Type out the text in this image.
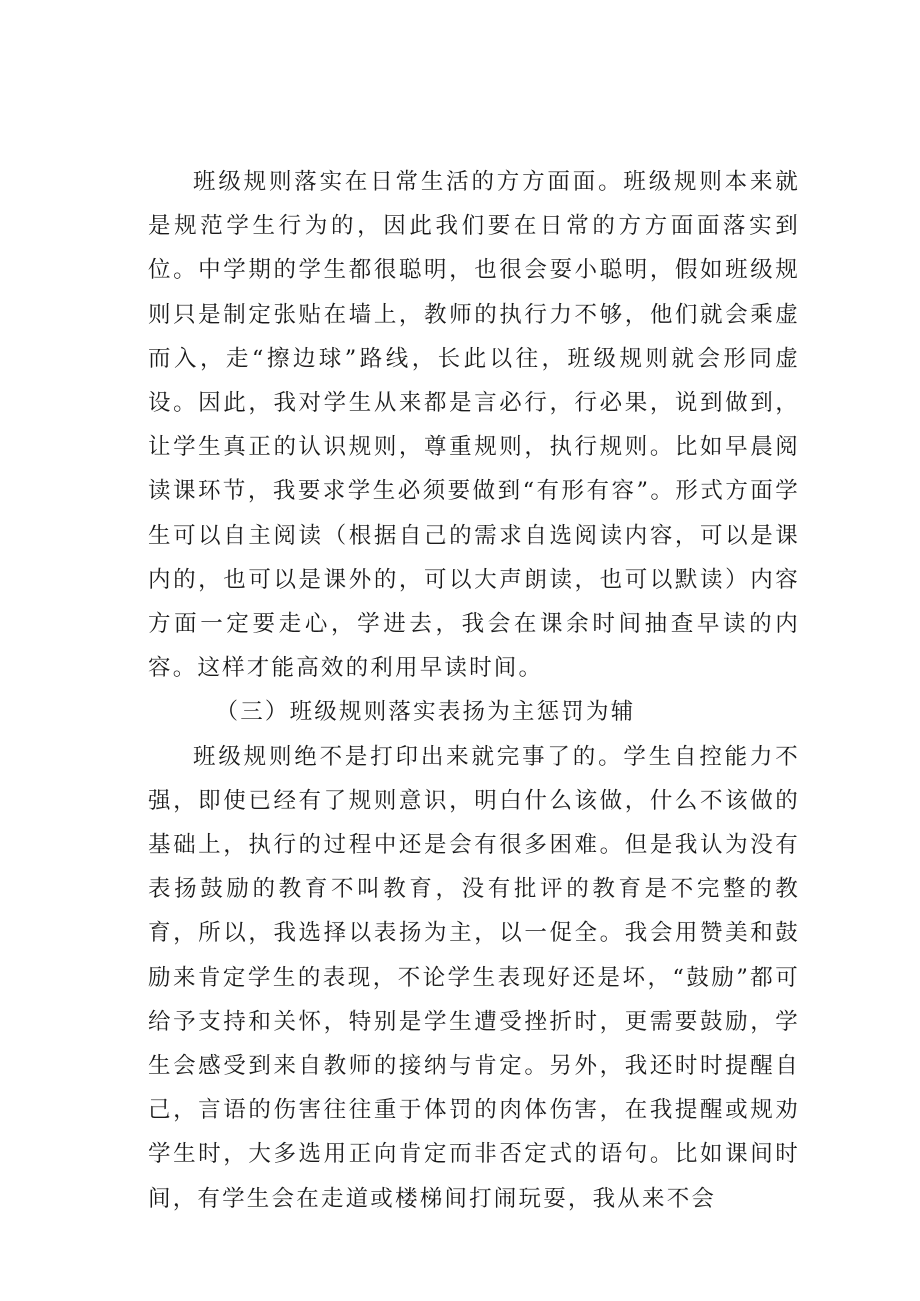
班级规则落实在日常生活的方方面面。班级规则本来就是规范学生行为的，因此我们要在日常的方方面面落实到位。中学期的学生都很聪明，也很会耍小聪明，假如班级规则只是制定张贴在墙上，教师的执行力不够，他们就会乘虚而入，走“擦边球”路线，长此以往，班级规则就会形同虚设。因此，我对学生从来都是言必行，行必果，说到做到，让学生真正的认识规则，尊重规则，执行规则。比如早晨阅读课环节，我要求学生必须要做到“有形有容”。形式方面学生可以自主阅读（根据自己的需求自选阅读内容，可以是课内的，也可以是课外的，可以大声朗读，也可以默读）内容方面一定要走心，学进去，我会在课余时间抽查早读的内容。这样才能高效的利用早读时间。

（三）班级规则落实表扬为主惩罚为辅

班级规则绝不是打印出来就完事了的。学生自控能力不强，即使已经有了规则意识，明白什么该做，什么不该做的基础上，执行的过程中还是会有很多困难。但是我认为没有表扬鼓励的教育不叫教育，没有批评的教育是不完整的教育，所以，我选择以表扬为主，以一促全。我会用赞美和鼓励来肯定学生的表现，不论学生表现好还是坏，“鼓励”都可给予支持和关怀，特别是学生遭受挫折时，更需要鼓励，学生会感受到来自教师的接纳与肯定。另外，我还时时提醒自己，言语的伤害往往重于体罚的肉体伤害，在我提醒或规劝学生时，大多选用正向肯定而非否定式的语句。比如课间时间，有学生会在走道或楼梯间打闹玩耍，我从来不会
